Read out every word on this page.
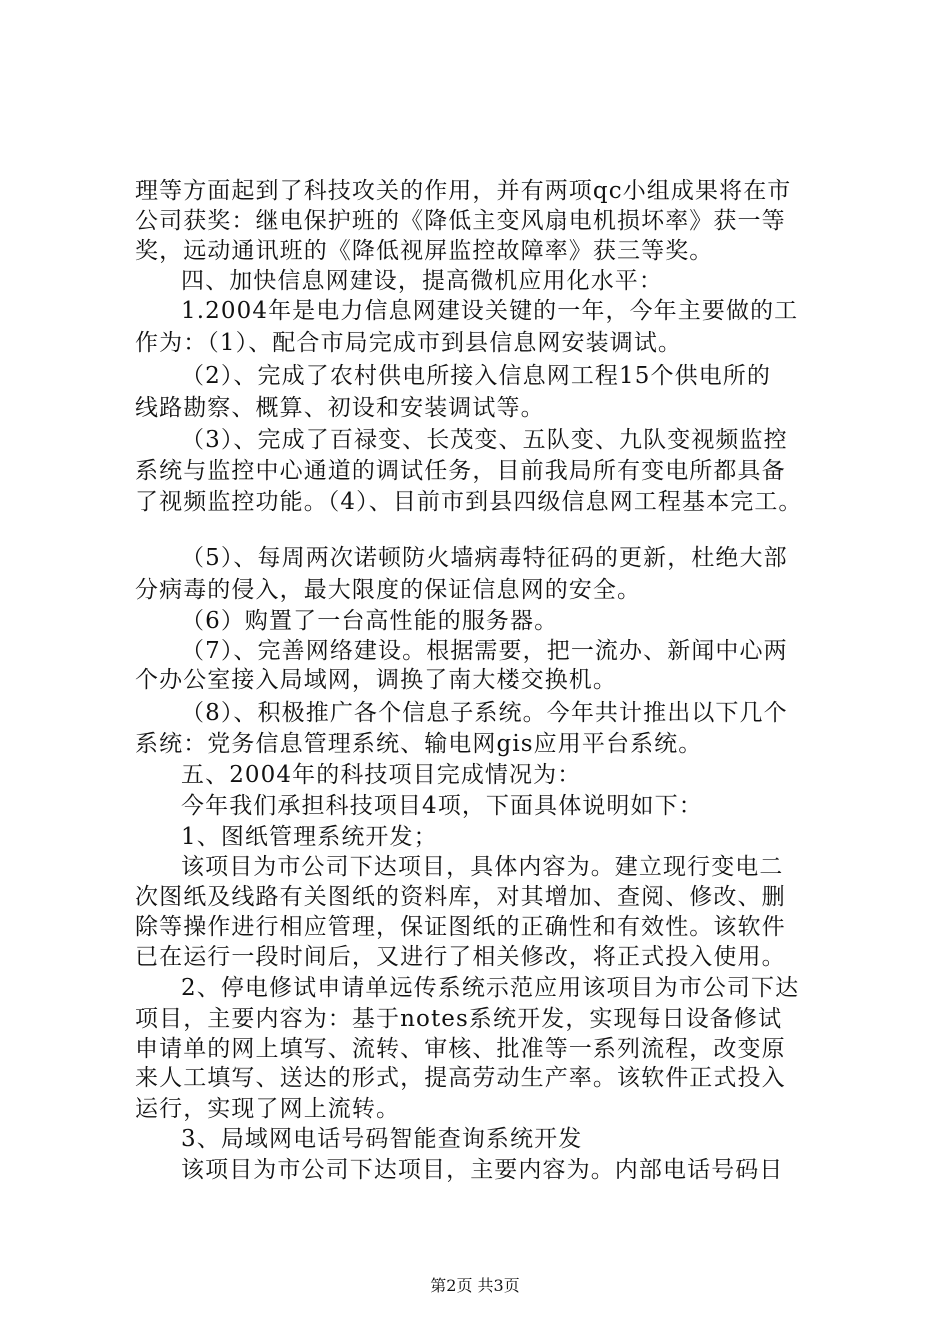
理等方面起到了科技攻关的作用，并有两项qc小组成果将在市
公司获奖：继电保护班的《降低主变风扇电机损坏率》获一等
奖，远动通讯班的《降低视屏监控故障率》获三等奖。
四、加快信息网建设，提高微机应用化水平：
1.2004年是电力信息网建设关键的一年，今年主要做的工
作为：（1）、配合市局完成市到县信息网安装调试。
（2）、完成了农村供电所接入信息网工程15个供电所的
线路勘察、概算、初设和安装调试等。
（3）、完成了百禄变、长茂变、五队变、九队变视频监控
系统与监控中心通道的调试任务，目前我局所有变电所都具备
了视频监控功能。（4）、目前市到县四级信息网工程基本完工。
（5）、每周两次诺顿防火墙病毒特征码的更新，杜绝大部
分病毒的侵入，最大限度的保证信息网的安全。
（6）购置了一台高性能的服务器。
（7）、完善网络建设。根据需要，把一流办、新闻中心两
个办公室接入局域网，调换了南大楼交换机。
（8）、积极推广各个信息子系统。今年共计推出以下几个
系统：党务信息管理系统、输电网gis应用平台系统。
五、2004年的科技项目完成情况为：
今年我们承担科技项目4项，下面具体说明如下：
1、图纸管理系统开发；
该项目为市公司下达项目，具体内容为。建立现行变电二
次图纸及线路有关图纸的资料库，对其增加、查阅、修改、删
除等操作进行相应管理，保证图纸的正确性和有效性。该软件
已在运行一段时间后，又进行了相关修改，将正式投入使用。
2、停电修试申请单远传系统示范应用该项目为市公司下达
项目，主要内容为：基于notes系统开发，实现每日设备修试
申请单的网上填写、流转、审核、批准等一系列流程，改变原
来人工填写、送达的形式，提高劳动生产率。该软件正式投入
运行，实现了网上流转。
3、局域网电话号码智能查询系统开发
该项目为市公司下达项目，主要内容为。内部电话号码日
第2页 共3页
